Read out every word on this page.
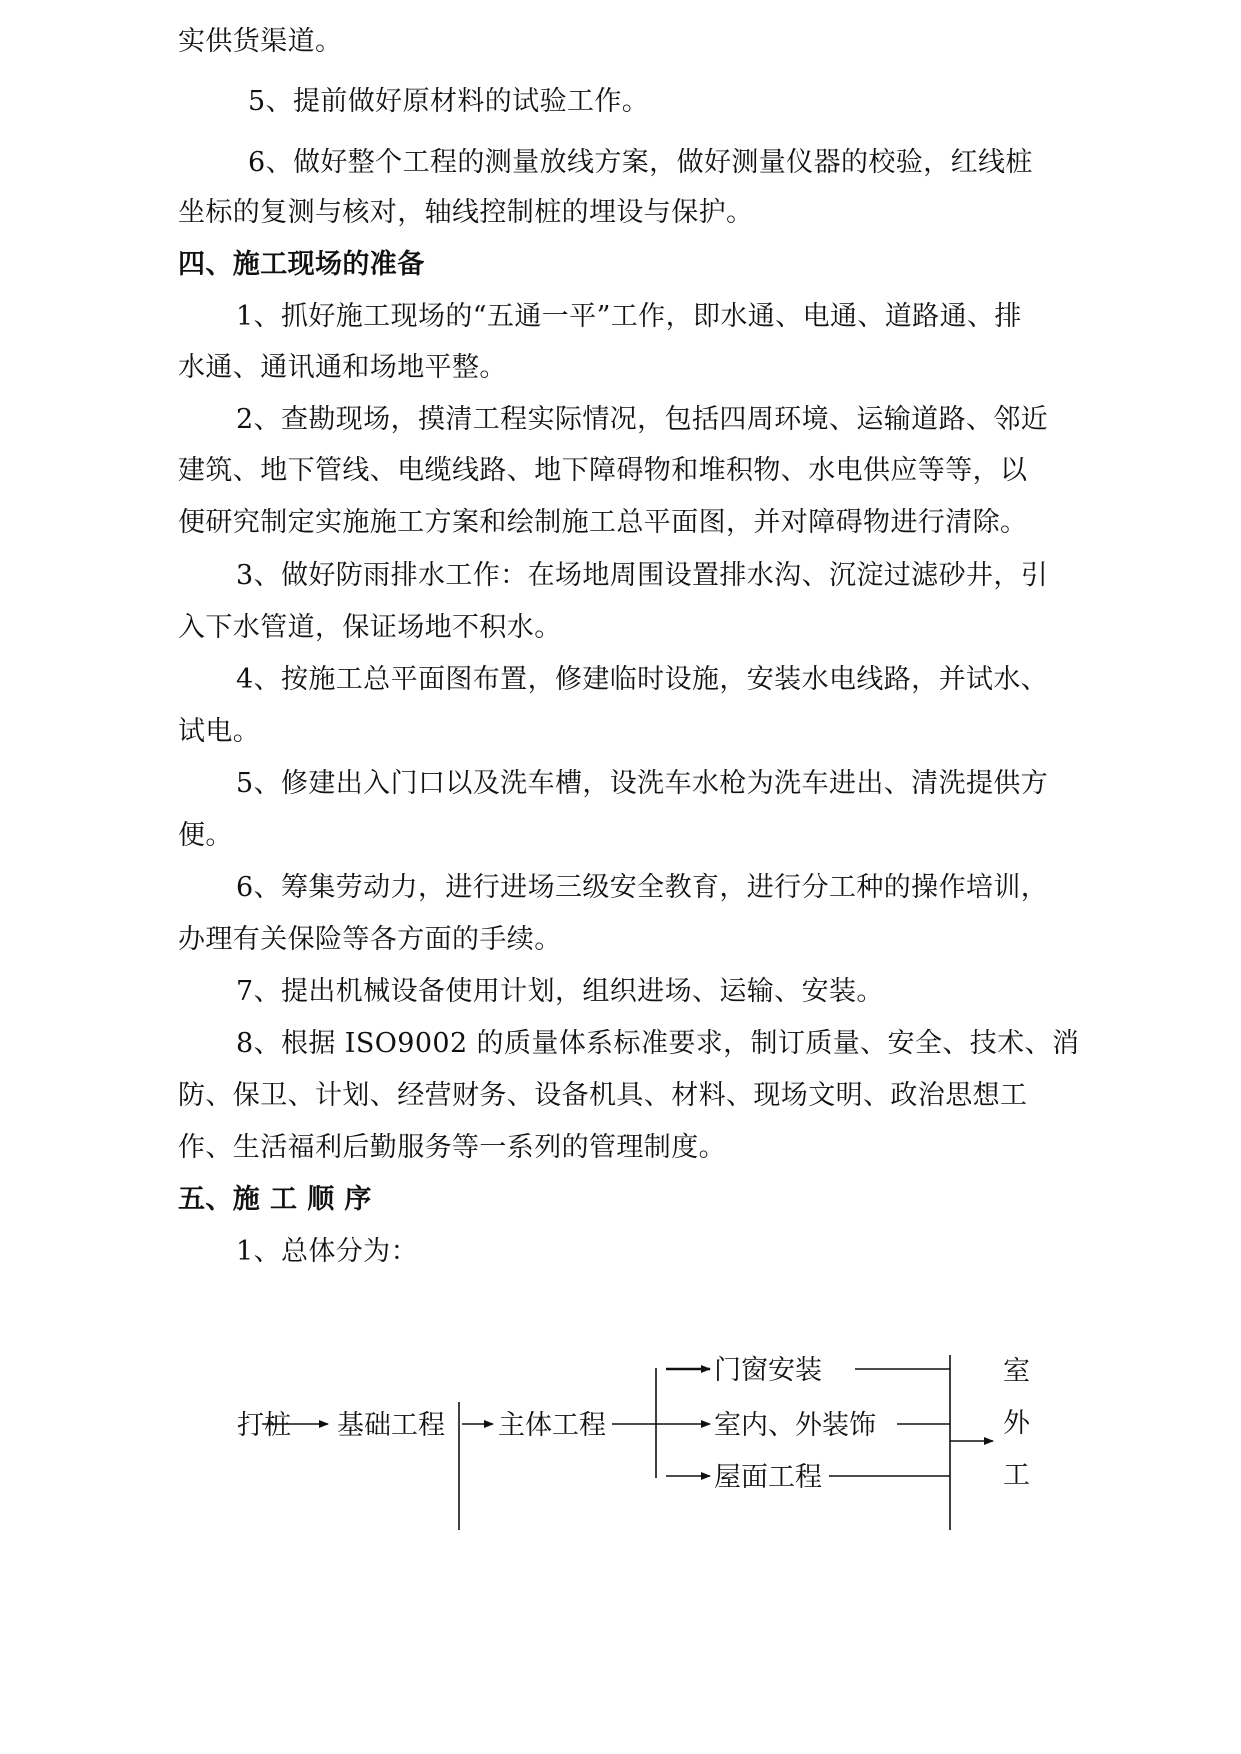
实供货渠道。
5、提前做好原材料的试验工作。
6、做好整个工程的测量放线方案，做好测量仪器的校验，红线桩
坐标的复测与核对，轴线控制桩的埋设与保护。
四、施工现场的准备
1、抓好施工现场的“五通一平”工作，即水通、电通、道路通、排
水通、通讯通和场地平整。
2、查勘现场，摸清工程实际情况，包括四周环境、运输道路、邻近
建筑、地下管线、电缆线路、地下障碍物和堆积物、水电供应等等，以
便研究制定实施施工方案和绘制施工总平面图，并对障碍物进行清除。
3、做好防雨排水工作：在场地周围设置排水沟、沉淀过滤砂井，引
入下水管道，保证场地不积水。
4、按施工总平面图布置，修建临时设施，安装水电线路，并试水、
试电。
5、修建出入门口以及洗车槽，设洗车水枪为洗车进出、清洗提供方
便。
6、筹集劳动力，进行进场三级安全教育，进行分工种的操作培训，
办理有关保险等各方面的手续。
7、提出机械设备使用计划，组织进场、运输、安装。
8、根据 ISO9002 的质量体系标准要求，制订质量、安全、技术、消
防、保卫、计划、经营财务、设备机具、材料、现场文明、政治思想工
作、生活福利后勤服务等一系列的管理制度。
五、施 工 顺 序
1、总体分为：
打桩 基础工程 主体工程
门窗安装
室内、外装饰
屋面工程
室
外
工
